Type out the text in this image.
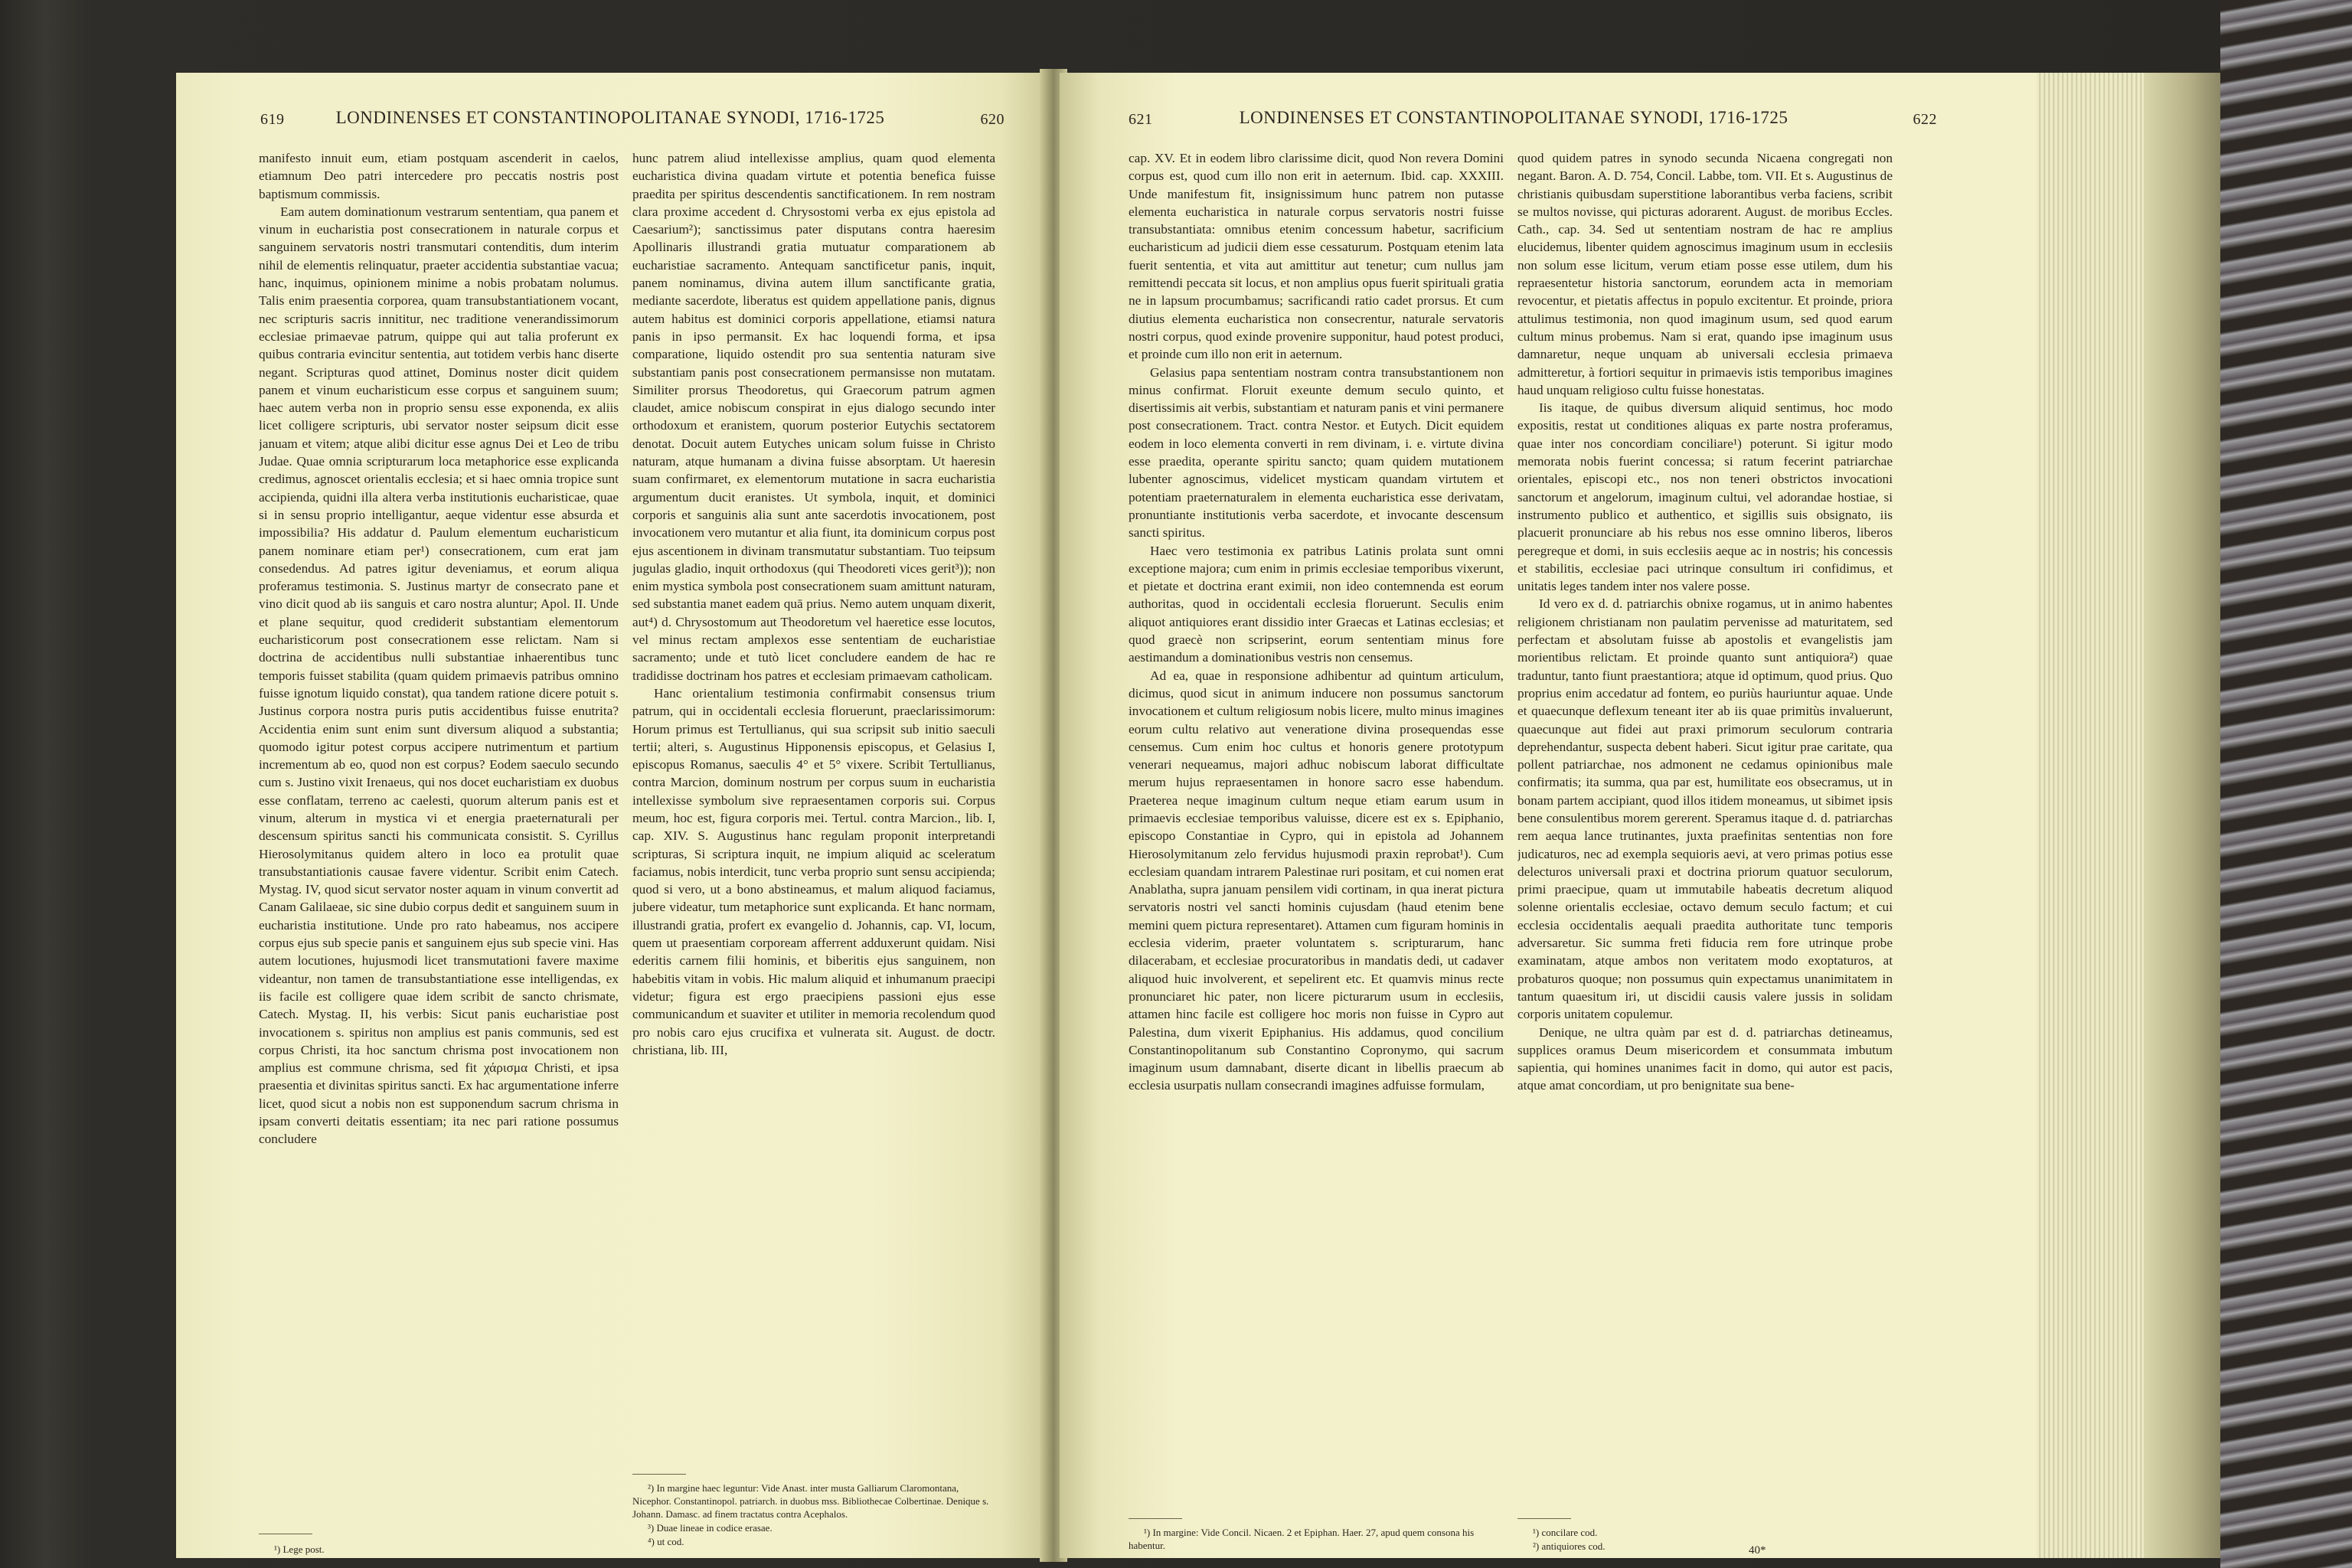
619	LONDINENSES ET CONSTANTINOPOLITANAE SYNODI, 1716-1725	620

manifesto innuit eum, etiam postquam ascenderit in caelos, etiamnum Deo patri intercedere pro peccatis nostris post baptismum commissis.

Eam autem dominationum vestrarum sententiam, qua panem et vinum in eucharistia post consecrationem in naturale corpus et sanguinem servatoris nostri transmutari contenditis, dum interim nihil de elementis relinquatur, praeter accidentia substantiae vacua; hanc, inquimus, opinionem minime a nobis probatam nolumus. Talis enim praesentia corporea, quam transubstantiationem vocant, nec scripturis sacris innititur, nec traditione venerandissimorum ecclesiae primaevae patrum, quippe qui aut talia proferunt ex quibus contraria evincitur sententia, aut totidem verbis hanc diserte negant. Scripturas quod attinet, Dominus noster dicit quidem panem et vinum eucharisticum esse corpus et sanguinem suum; haec autem verba non in proprio sensu esse exponenda, ex aliis licet colligere scripturis, ubi servator noster seipsum dicit esse januam et vitem; atque alibi dicitur esse agnus Dei et Leo de tribu Judae. Quae omnia scripturarum loca metaphorice esse explicanda credimus, agnoscet orientalis ecclesia; et si haec omnia tropice sunt accipienda, quidni illa altera verba institutionis eucharisticae, quae si in sensu proprio intelligantur, aeque videntur esse absurda et impossibilia? His addatur d. Paulum elementum eucharisticum panem nominare etiam per¹) consecrationem, cum erat jam consedendus. Ad patres igitur deveniamus, et eorum aliqua proferamus testimonia. S. Justinus martyr de consecrato pane et vino dicit quod ab iis sanguis et caro nostra aluntur; Apol. II. Unde et plane sequitur, quod crediderit substantiam elementorum eucharisticorum post consecrationem esse relictam. Nam si doctrina de accidentibus nulli substantiae inhaerentibus tunc temporis fuisset stabilita (quam quidem primaevis patribus omnino fuisse ignotum liquido constat), qua tandem ratione dicere potuit s. Justinus corpora nostra puris putis accidentibus fuisse enutrita? Accidentia enim sunt enim sunt diversum aliquod a substantia; quomodo igitur potest corpus accipere nutrimentum et partium incrementum ab eo, quod non est corpus? Eodem saeculo secundo cum s. Justino vixit Irenaeus, qui nos docet eucharistiam ex duobus esse conflatam, terreno ac caelesti, quorum alterum panis est et vinum, alterum in mystica vi et energia praeternaturali per descensum spiritus sancti his communicata consistit. S. Cyrillus Hierosolymitanus quidem altero in loco ea protulit quae transubstantiationis causae favere videntur. Scribit enim Catech. Mystag. IV, quod sicut servator noster aquam in vinum convertit ad Canam Galilaeae, sic sine dubio corpus dedit et sanguinem suum in eucharistia institutione. Unde pro rato habeamus, nos accipere corpus ejus sub specie panis et sanguinem ejus sub specie vini. Has autem locutiones, hujusmodi licet transmutationi favere maxime videantur, non tamen de transubstantiatione esse intelligendas, ex iis facile est colligere quae idem scribit de sancto chrismate, Catech. Mystag. II, his verbis: Sicut panis eucharistiae post invocationem s. spiritus non amplius est panis communis, sed est corpus Christi, ita hoc sanctum chrisma post invocationem non amplius est commune chrisma, sed fit χάρισμα Christi, et ipsa praesentia et divinitas spiritus sancti. Ex hac argumentatione inferre licet, quod sicut a nobis non est supponendum sacrum chrisma in ipsam converti deitatis essentiam; ita nec pari ratione possumus concludere

¹) Lege post.

hunc patrem aliud intellexisse amplius, quam quod elementa eucharistica divina quadam virtute et potentia benefica fuisse praedita per spiritus descendentis sanctificationem. In rem nostram clara proxime accedent d. Chrysostomi verba ex ejus epistola ad Caesarium²); sanctissimus pater disputans contra haeresim Apollinaris illustrandi gratia mutuatur comparationem ab eucharistiae sacramento. Antequam sanctificetur panis, inquit, panem nominamus, divina autem illum sanctificante gratia, mediante sacerdote, liberatus est quidem appellatione panis, dignus autem habitus est dominici corporis appellatione, etiamsi natura panis in ipso permansit. Ex hac loquendi forma, et ipsa comparatione, liquido ostendit pro sua sententia naturam sive substantiam panis post consecrationem permansisse non mutatam. Similiter prorsus Theodoretus, qui Graecorum patrum agmen claudet, amice nobiscum conspirat in ejus dialogo secundo inter orthodoxum et eranistem, quorum posterior Eutychis sectatorem denotat. Docuit autem Eutyches unicam solum fuisse in Christo naturam, atque humanam a divina fuisse absorptam. Ut haeresin suam confirmaret, ex elementorum mutatione in sacra eucharistia argumentum ducit eranistes. Ut symbola, inquit, et dominici corporis et sanguinis alia sunt ante sacerdotis invocationem, post invocationem vero mutantur et alia fiunt, ita dominicum corpus post ejus ascentionem in divinam transmutatur substantiam. Tuo teipsum jugulas gladio, inquit orthodoxus (qui Theodoreti vices gerit³)); non enim mystica symbola post consecrationem suam amittunt naturam, sed substantia manet eadem quā prius. Nemo autem unquam dixerit, aut⁴) d. Chrysostomum aut Theodoretum vel haeretice esse locutos, vel minus rectam amplexos esse sententiam de eucharistiae sacramento; unde et tutò licet concludere eandem de hac re tradidisse doctrinam hos patres et ecclesiam primaevam catholicam.

Hanc orientalium testimonia confirmabit consensus trium patrum, qui in occidentali ecclesia floruerunt, praeclarissimorum: Horum primus est Tertullianus, qui sua scripsit sub initio saeculi tertii; alteri, s. Augustinus Hipponensis episcopus, et Gelasius I, episcopus Romanus, saeculis 4° et 5° vixere. Scribit Tertullianus, contra Marcion, dominum nostrum per corpus suum in eucharistia intellexisse symbolum sive repraesentamen corporis sui. Corpus meum, hoc est, figura corporis mei. Tertul. contra Marcion., lib. I, cap. XIV. S. Augustinus hanc regulam proponit interpretandi scripturas, Si scriptura inquit, ne impium aliquid ac sceleratum faciamus, nobis interdicit, tunc verba proprio sunt sensu accipienda; quod si vero, ut a bono abstineamus, et malum aliquod faciamus, jubere videatur, tum metaphorice sunt explicanda. Et hanc normam, illustrandi gratia, profert ex evangelio d. Johannis, cap. VI, locum, quem ut praesentiam corpoream afferrent adduxerunt quidam. Nisi ederitis carnem filii hominis, et biberitis ejus sanguinem, non habebitis vitam in vobis. Hic malum aliquid et inhumanum praecipi videtur; figura est ergo praecipiens passioni ejus esse communicandum et suaviter et utiliter in memoria recolendum quod pro nobis caro ejus crucifixa et vulnerata sit. August. de doctr. christiana, lib. III,

²) In margine haec leguntur: Vide Anast. inter musta Galliarum Claromontana, Nicephor. Constantinopol. patriarch. in duobus mss. Bibliothecae Colbertinae. Denique s. Johann. Damasc. ad finem tractatus contra Acephalos.

³) Duae lineae in codice erasae.

⁴) ut cod.

621	LONDINENSES ET CONSTANTINOPOLITANAE SYNODI, 1716-1725	622

cap. XV. Et in eodem libro clarissime dicit, quod Non revera Domini corpus est, quod cum illo non erit in aeternum. Ibid. cap. XXXIII. Unde manifestum fit, insignissimum hunc patrem non putasse elementa eucharistica in naturale corpus servatoris nostri fuisse transubstantiata: omnibus etenim concessum habetur, sacrificium eucharisticum ad judicii diem esse cessaturum. Postquam etenim lata fuerit sententia, et vita aut amittitur aut tenetur; cum nullus jam remittendi peccata sit locus, et non amplius opus fuerit spirituali gratia ne in lapsum procumbamus; sacrificandi ratio cadet prorsus. Et cum diutius elementa eucharistica non consecrentur, naturale servatoris nostri corpus, quod exinde provenire supponitur, haud potest produci, et proinde cum illo non erit in aeternum.

Gelasius papa sententiam nostram contra transubstantionem non minus confirmat. Floruit exeunte demum seculo quinto, et disertissimis ait verbis, substantiam et naturam panis et vini permanere post consecrationem. Tract. contra Nestor. et Eutych. Dicit equidem eodem in loco elementa converti in rem divinam, i. e. virtute divina esse praedita, operante spiritu sancto; quam quidem mutationem lubenter agnoscimus, videlicet mysticam quandam virtutem et potentiam praeternaturalem in elementa eucharistica esse derivatam, pronuntiante institutionis verba sacerdote, et invocante descensum sancti spiritus.

Haec vero testimonia ex patribus Latinis prolata sunt omni exceptione majora; cum enim in primis ecclesiae temporibus vixerunt, et pietate et doctrina erant eximii, non ideo contemnenda est eorum authoritas, quod in occidentali ecclesia floruerunt. Seculis enim aliquot antiquiores erant dissidio inter Graecas et Latinas ecclesias; et quod graecè non scripserint, eorum sententiam minus fore aestimandum a dominationibus vestris non censemus.

Ad ea, quae in responsione adhibentur ad quintum articulum, dicimus, quod sicut in animum inducere non possumus sanctorum invocationem et cultum religiosum nobis licere, multo minus imagines eorum cultu relativo aut veneratione divina prosequendas esse censemus. Cum enim hoc cultus et honoris genere prototypum venerari nequeamus, majori adhuc nobiscum laborat difficultate merum hujus repraesentamen in honore sacro esse habendum. Praeterea neque imaginum cultum neque etiam earum usum in primaevis ecclesiae temporibus valuisse, dicere est ex s. Epiphanio, episcopo Constantiae in Cypro, qui in epistola ad Johannem Hierosolymitanum zelo fervidus hujusmodi praxin reprobat¹). Cum ecclesiam quandam intrarem Palestinae ruri positam, et cui nomen erat Anablatha, supra januam pensilem vidi cortinam, in qua inerat pictura servatoris nostri vel sancti hominis cujusdam (haud etenim bene memini quem pictura representaret). Attamen cum figuram hominis in ecclesia viderim, praeter voluntatem s. scripturarum, hanc dilacerabam, et ecclesiae procuratoribus in mandatis dedi, ut cadaver aliquod huic involverent, et sepelirent etc. Et quamvis minus recte pronunciaret hic pater, non licere picturarum usum in ecclesiis, attamen hinc facile est colligere hoc moris non fuisse in Cypro aut Palestina, dum vixerit Epiphanius. His addamus, quod concilium Constantinopolitanum sub Constantino Copronymo, qui sacrum imaginum usum damnabant, diserte dicant in libellis praecum ab ecclesia usurpatis nullam consecrandi imagines adfuisse formulam,

¹) In margine: Vide Concil. Nicaen. 2 et Epiphan. Haer. 27, apud quem consona his habentur.

quod quidem patres in synodo secunda Nicaena congregati non negant. Baron. A. D. 754, Concil. Labbe, tom. VII. Et s. Augustinus de christianis quibusdam superstitione laborantibus verba faciens, scribit se multos novisse, qui picturas adorarent. August. de moribus Eccles. Cath., cap. 34. Sed ut sententiam nostram de hac re amplius elucidemus, libenter quidem agnoscimus imaginum usum in ecclesiis non solum esse licitum, verum etiam posse esse utilem, dum his repraesentetur historia sanctorum, eorundem acta in memoriam revocentur, et pietatis affectus in populo excitentur. Et proinde, priora attulimus testimonia, non quod imaginum usum, sed quod earum cultum minus probemus. Nam si erat, quando ipse imaginum usus damnaretur, neque unquam ab universali ecclesia primaeva admitteretur, à fortiori sequitur in primaevis istis temporibus imagines haud unquam religioso cultu fuisse honestatas.

Iis itaque, de quibus diversum aliquid sentimus, hoc modo expositis, restat ut conditiones aliquas ex parte nostra proferamus, quae inter nos concordiam conciliare¹) poterunt. Si igitur modo memorata nobis fuerint concessa; si ratum fecerint patriarchae orientales, episcopi etc., nos non teneri obstrictos invocationi sanctorum et angelorum, imaginum cultui, vel adorandae hostiae, si instrumento publico et authentico, et sigillis suis obsignato, iis placuerit pronunciare ab his rebus nos esse omnino liberos, liberos peregreque et domi, in suis ecclesiis aeque ac in nostris; his concessis et stabilitis, ecclesiae paci utrinque consultum iri confidimus, et unitatis leges tandem inter nos valere posse.

Id vero ex d. d. patriarchis obnixe rogamus, ut in animo habentes religionem christianam non paulatim pervenisse ad maturitatem, sed perfectam et absolutam fuisse ab apostolis et evangelistis jam morientibus relictam. Et proinde quanto sunt antiquiora²) quae traduntur, tanto fiunt praestantiora; atque id optimum, quod prius. Quo proprius enim accedatur ad fontem, eo puriùs hauriuntur aquae. Unde et quaecunque deflexum teneant iter ab iis quae primitùs invaluerunt, quaecunque aut fidei aut praxi primorum seculorum contraria deprehendantur, suspecta debent haberi. Sicut igitur prae caritate, qua pollent patriarchae, nos admonent ne cedamus opinionibus male confirmatis; ita summa, qua par est, humilitate eos obsecramus, ut in bonam partem accipiant, quod illos itidem moneamus, ut sibimet ipsis bene consulentibus morem gererent. Speramus itaque d. d. patriarchas rem aequa lance trutinantes, juxta praefinitas sententias non fore judicaturos, nec ad exempla sequioris aevi, at vero primas potius esse delecturos universali praxi et doctrina priorum quatuor seculorum, primi praecipue, quam ut immutabile habeatis decretum aliquod solenne orientalis ecclesiae, octavo demum seculo factum; et cui ecclesia occidentalis aequali praedita authoritate tunc temporis adversaretur. Sic summa freti fiducia rem fore utrinque probe examinatam, atque ambos non veritatem modo exoptaturos, at probaturos quoque; non possumus quin expectamus unanimitatem in tantum quaesitum iri, ut discidii causis valere jussis in solidam corporis unitatem copulemur.

Denique, ne ultra quàm par est d. d. patriarchas detineamus, supplices oramus Deum misericordem et consummata imbutum sapientia, qui homines unanimes facit in domo, qui autor est pacis, atque amat concordiam, ut pro benignitate sua bene-

¹) concilare cod.

²) antiquiores cod.	40*
